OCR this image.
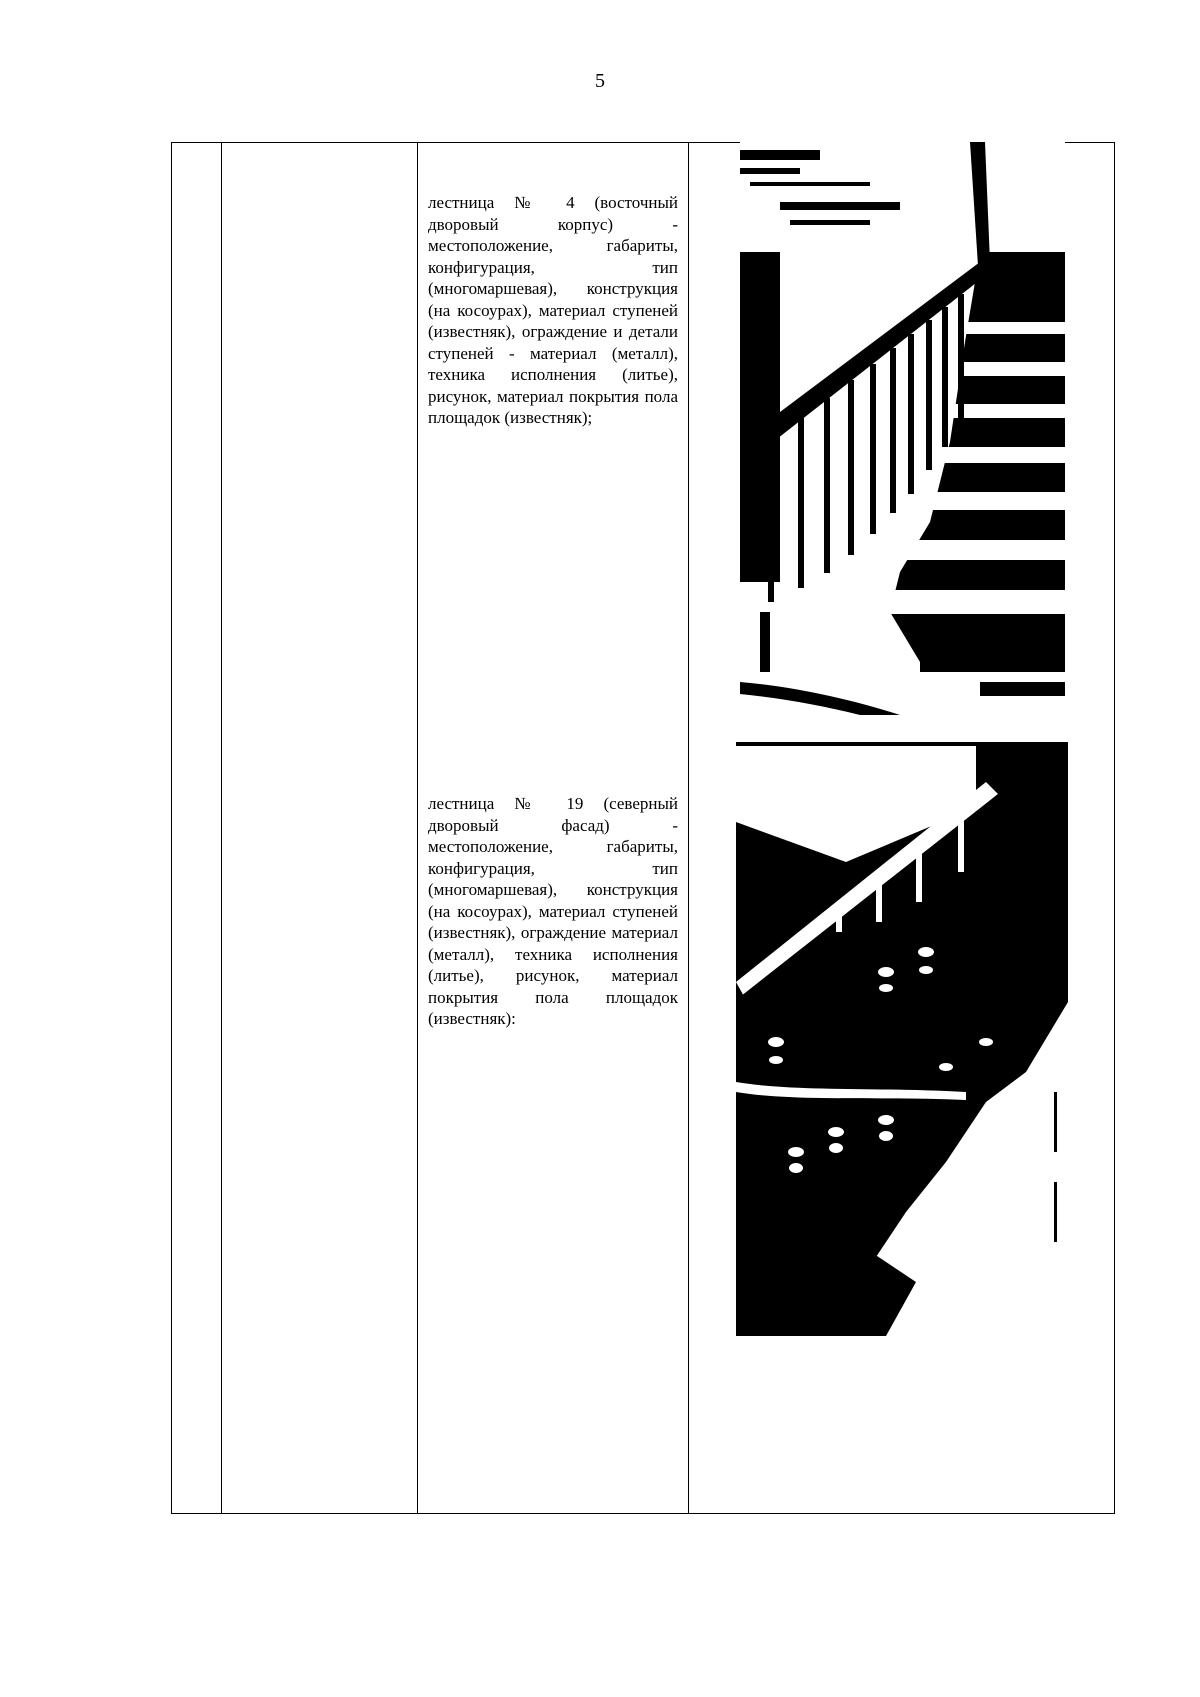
5
лестница № 4 (восточный дворовый корпус) - местоположение, габариты, конфигурация, тип (многомаршевая), конструкция (на косоурах), материал ступеней (известняк), ограждение и детали ступеней - материал (металл), техника исполнения (литье), рисунок, материал покрытия пола площадок (известняк);
лестница № 19 (северный дворовый фасад) - местоположение, габариты, конфигурация, тип (многомаршевая), конструкция (на косоурах), материал ступеней (известняк), ограждение материал (металл), техника исполнения (литье), рисунок, материал покрытия пола площадок (известняк):
